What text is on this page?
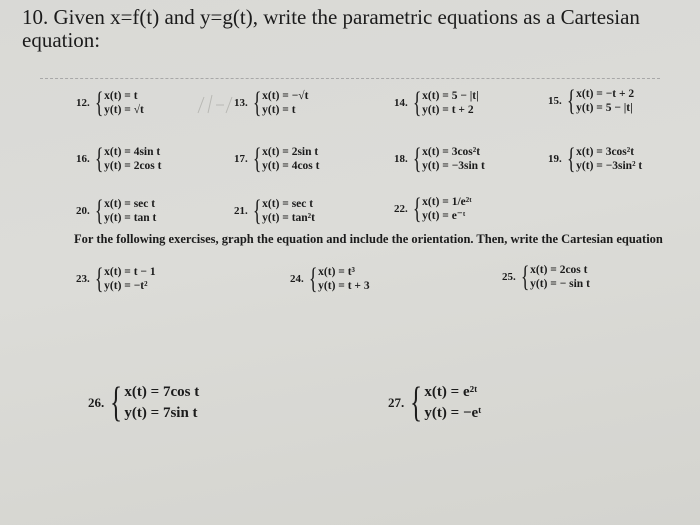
10. Given x=f(t) and y=g(t), write the parametric equations as a Cartesian
equation:
12. { x(t) = t
y(t) = √t
13. { x(t) = −√t
y(t) = t
14. { x(t) = 5 − |t|
y(t) = t + 2
15. { x(t) = −t + 2
y(t) = 5 − |t|
16. { x(t) = 4sin t
y(t) = 2cos t
17. { x(t) = 2sin t
y(t) = 4cos t
18. { x(t) = 3cos²t
y(t) = −3sin t
19. { x(t) = 3cos²t
y(t) = −3sin² t
20. { x(t) = sec t
y(t) = tan t
21. { x(t) = sec t
y(t) = tan²t
22. { x(t) = 1/e²ᵗ
y(t) = e⁻ᵗ
For the following exercises, graph the equation and include the orientation. Then, write the Cartesian equation
23. { x(t) = t − 1
y(t) = −t²
24. { x(t) = t³
y(t) = t + 3
25. { x(t) = 2cos t
y(t) = − sin t
26. { x(t) = 7cos t
y(t) = 7sin t
27. { x(t) = e²ᵗ
y(t) = −eᵗ
